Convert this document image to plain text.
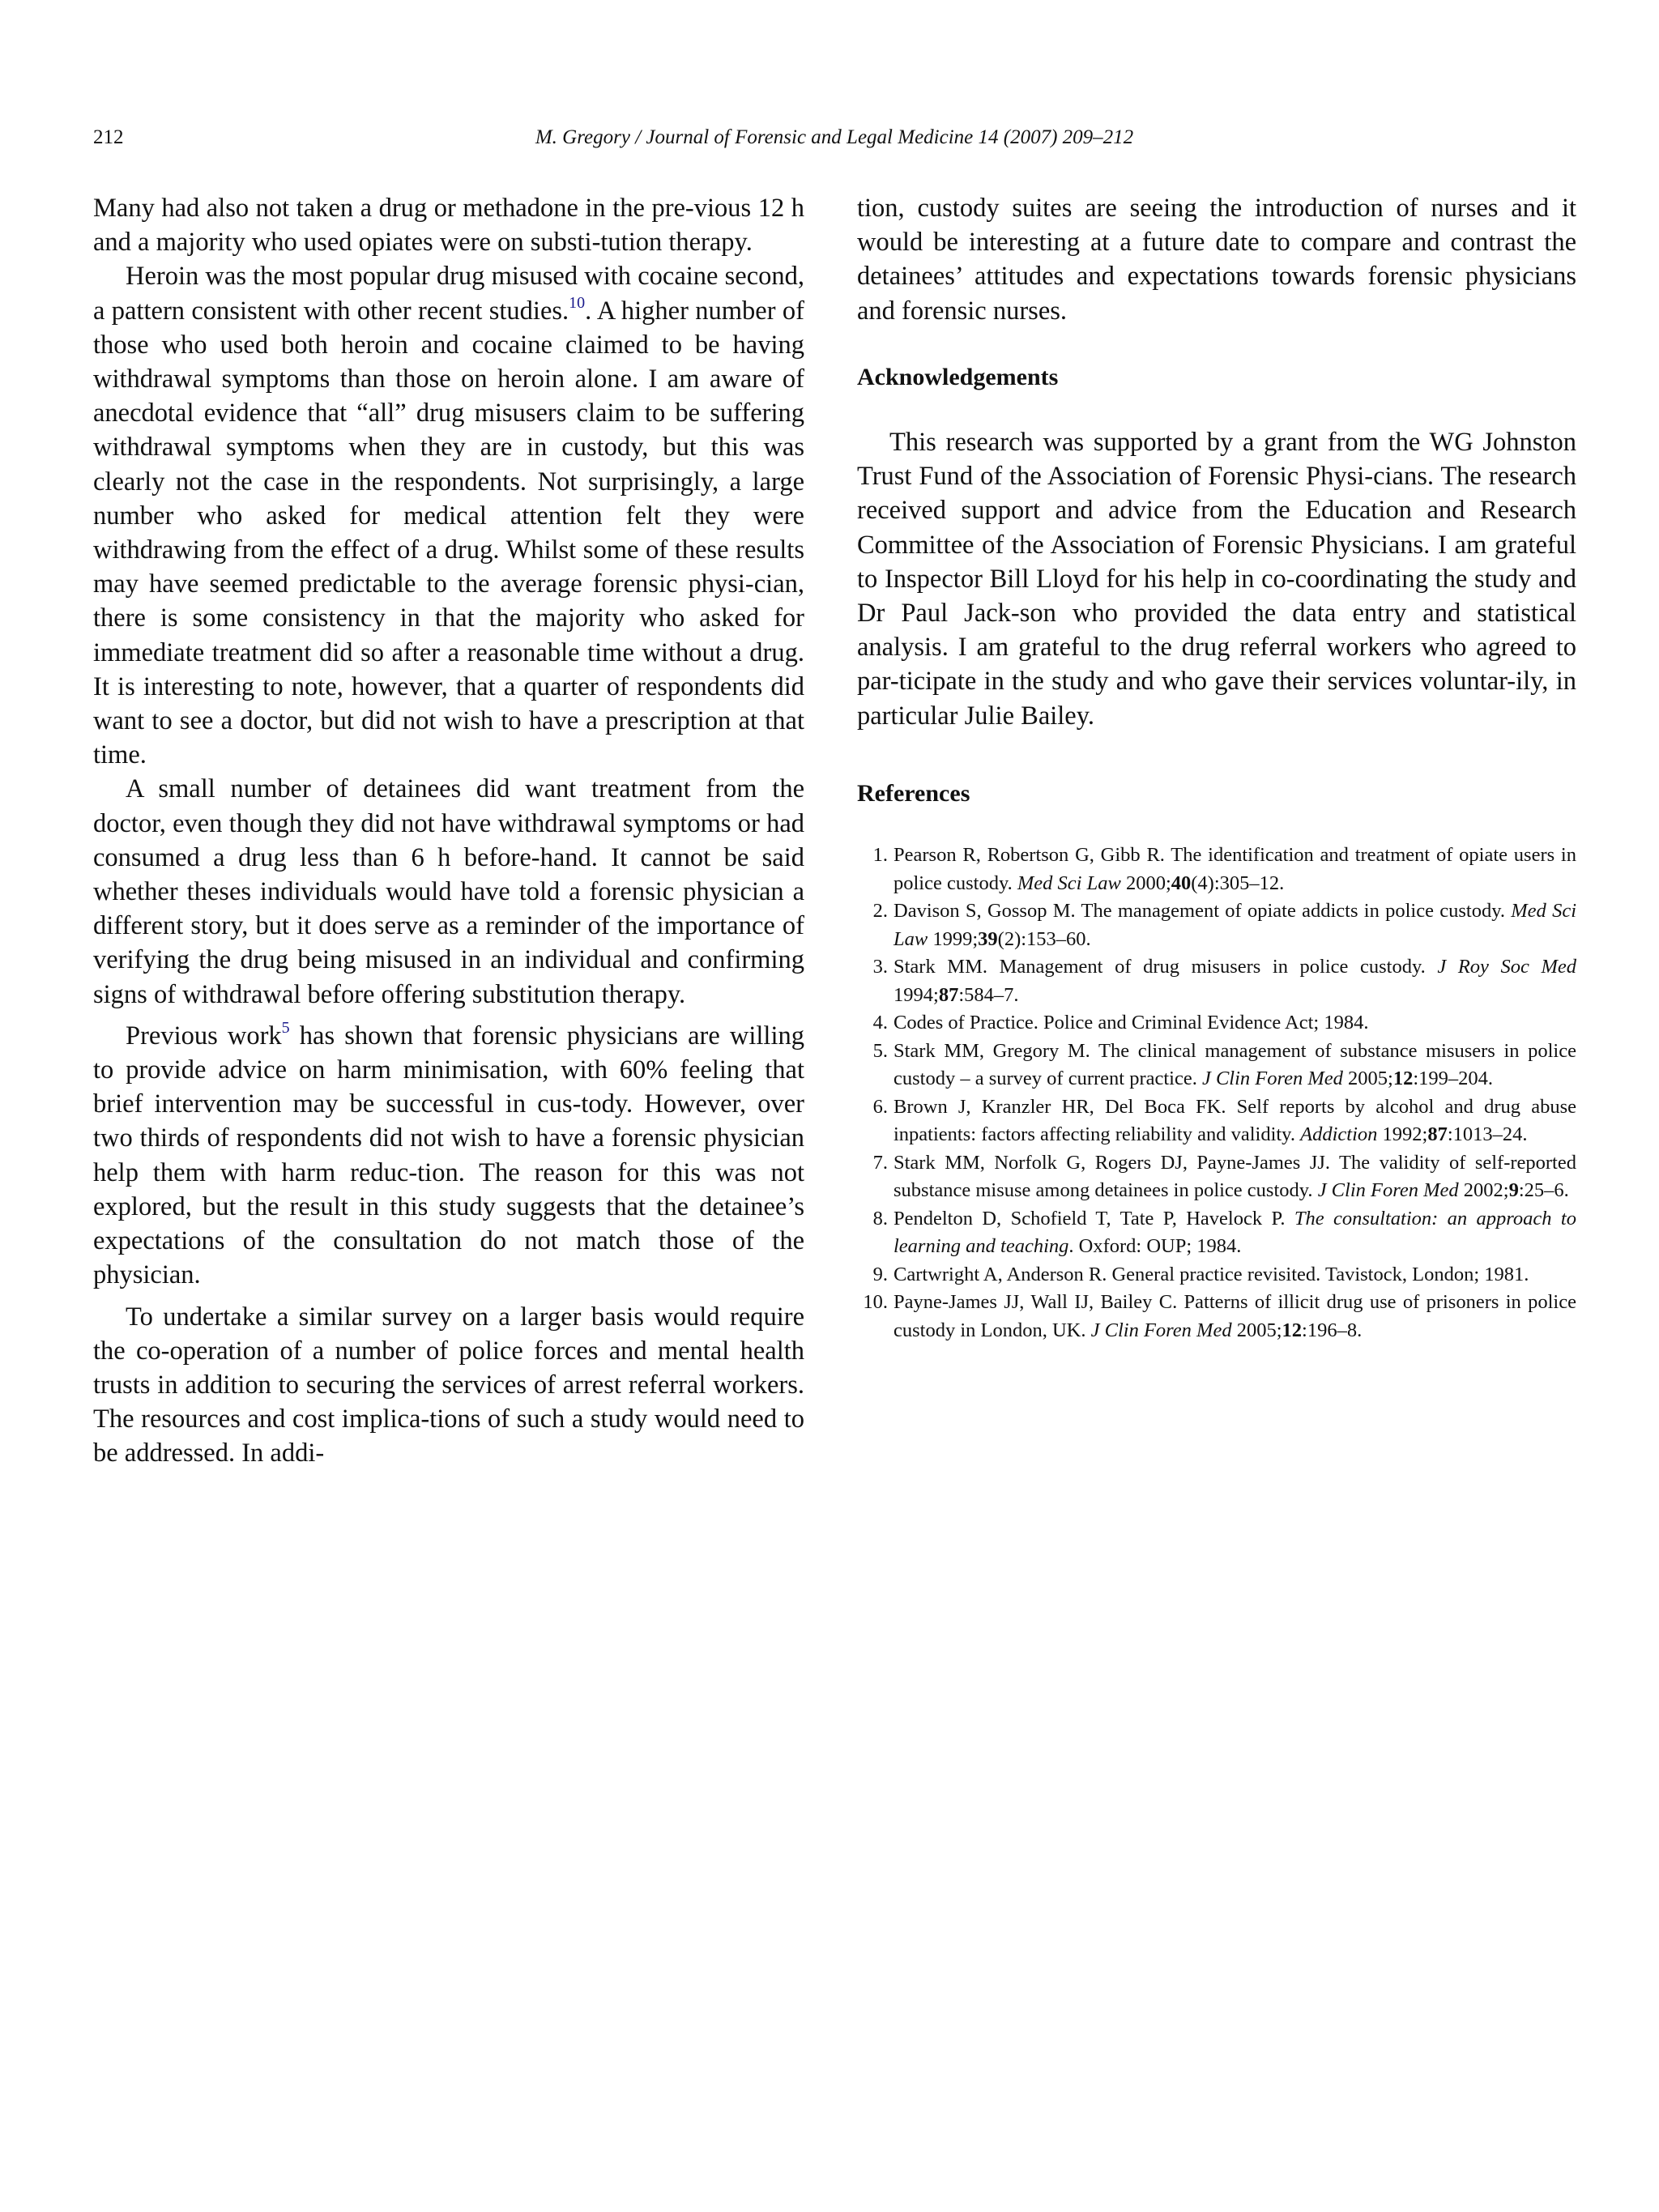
212	M. Gregory / Journal of Forensic and Legal Medicine 14 (2007) 209–212

Many had also not taken a drug or methadone in the pre-vious 12 h and a majority who used opiates were on substi-tution therapy.

Heroin was the most popular drug misused with cocaine second, a pattern consistent with other recent studies.$^{10}$. A higher number of those who used both heroin and cocaine claimed to be having withdrawal symptoms than those on heroin alone. I am aware of anecdotal evidence that “all” drug misusers claim to be suffering withdrawal symptoms when they are in custody, but this was clearly not the case in the respondents. Not surprisingly, a large number who asked for medical attention felt they were withdrawing from the effect of a drug. Whilst some of these results may have seemed predictable to the average forensic physi-cian, there is some consistency in that the majority who asked for immediate treatment did so after a reasonable time without a drug. It is interesting to note, however, that a quarter of respondents did want to see a doctor, but did not wish to have a prescription at that time.

A small number of detainees did want treatment from the doctor, even though they did not have withdrawal symptoms or had consumed a drug less than 6 h before-hand. It cannot be said whether theses individuals would have told a forensic physician a different story, but it does serve as a reminder of the importance of verifying the drug being misused in an individual and confirming signs of withdrawal before offering substitution therapy.

Previous work$^5$ has shown that forensic physicians are willing to provide advice on harm minimisation, with 60% feeling that brief intervention may be successful in cus-tody. However, over two thirds of respondents did not wish to have a forensic physician help them with harm reduc-tion. The reason for this was not explored, but the result in this study suggests that the detainee’s expectations of the consultation do not match those of the physician.

To undertake a similar survey on a larger basis would require the co-operation of a number of police forces and mental health trusts in addition to securing the services of arrest referral workers. The resources and cost implica-tions of such a study would need to be addressed. In addi-

tion, custody suites are seeing the introduction of nurses and it would be interesting at a future date to compare and contrast the detainees’ attitudes and expectations towards forensic physicians and forensic nurses.

Acknowledgements

This research was supported by a grant from the WG Johnston Trust Fund of the Association of Forensic Physi-cians. The research received support and advice from the Education and Research Committee of the Association of Forensic Physicians. I am grateful to Inspector Bill Lloyd for his help in co-coordinating the study and Dr Paul Jack-son who provided the data entry and statistical analysis. I am grateful to the drug referral workers who agreed to par-ticipate in the study and who gave their services voluntar-ily, in particular Julie Bailey.

References
1. Pearson R, Robertson G, Gibb R. The identification and treatment of opiate users in police custody. Med Sci Law 2000;40(4):305–12.
2. Davison S, Gossop M. The management of opiate addicts in police custody. Med Sci Law 1999;39(2):153–60.
3. Stark MM. Management of drug misusers in police custody. J Roy Soc Med 1994;87:584–7.
4. Codes of Practice. Police and Criminal Evidence Act; 1984.
5. Stark MM, Gregory M. The clinical management of substance misusers in police custody – a survey of current practice. J Clin Foren Med 2005;12:199–204.
6. Brown J, Kranzler HR, Del Boca FK. Self reports by alcohol and drug abuse inpatients: factors affecting reliability and validity. Addiction 1992;87:1013–24.
7. Stark MM, Norfolk G, Rogers DJ, Payne-James JJ. The validity of self-reported substance misuse among detainees in police custody. J Clin Foren Med 2002;9:25–6.
8. Pendelton D, Schofield T, Tate P, Havelock P. The consultation: an approach to learning and teaching. Oxford: OUP; 1984.
9. Cartwright A, Anderson R. General practice revisited. Tavistock, London; 1981.
10. Payne-James JJ, Wall IJ, Bailey C. Patterns of illicit drug use of prisoners in police custody in London, UK. J Clin Foren Med 2005;12:196–8.
